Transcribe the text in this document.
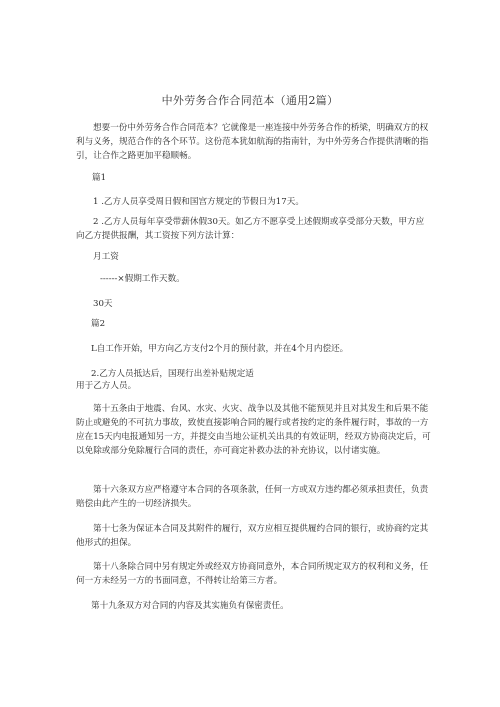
中外劳务合作合同范本（通用2篇）
想要一份中外劳务合作合同范本？它就像是一座连接中外劳务合作的桥梁，明确双方的权利与义务，规范合作的各个环节。这份范本犹如航海的指南针，为中外劳务合作提供清晰的指引，让合作之路更加平稳顺畅。
篇1
1 .乙方人员享受周日假和国宫方规定的节假日为17天。
2 .乙方人员每年享受带薪休假30天。如乙方不愿享受上述假期或享受部分天数，甲方应向乙方提供报酬，其工资按下列方法计算：
月工资
------×假期工作天数。
30天
篇2
L自工作开始，甲方向乙方支付2个月的预付款，并在4个月内偿还。
2.乙方人员抵达后，国现行出差补贴规定适
用于乙方人员。
第十五条由于地震、台风、水灾、火灾、战争以及其他不能预见并且对其发生和后果不能防止或避免的不可抗力事故，致使直接影响合同的履行或者按约定的条件履行时，事故的一方应在15天内电报通知另一方，并提交由当地公证机关出具的有效证明，经双方协商决定后，可以免除或部分免除履行合同的责任，亦可商定补救办法的补充协议，以付诸实施。
第十六条双方应严格遵守本合同的各项条款，任何一方或双方违约都必须承担责任，负责赔偿由此产生的一切经济损失。
第十七条为保证本合同及其附件的履行，双方应相互提供履约合同的银行，或协商约定其他形式的担保。
第十八条除合同中另有规定外或经双方协商同意外，本合同所规定双方的权利和义务，任何一方未经另一方的书面同意，不得转让给第三方者。
第十九条双方对合同的内容及其实施负有保密责任。
